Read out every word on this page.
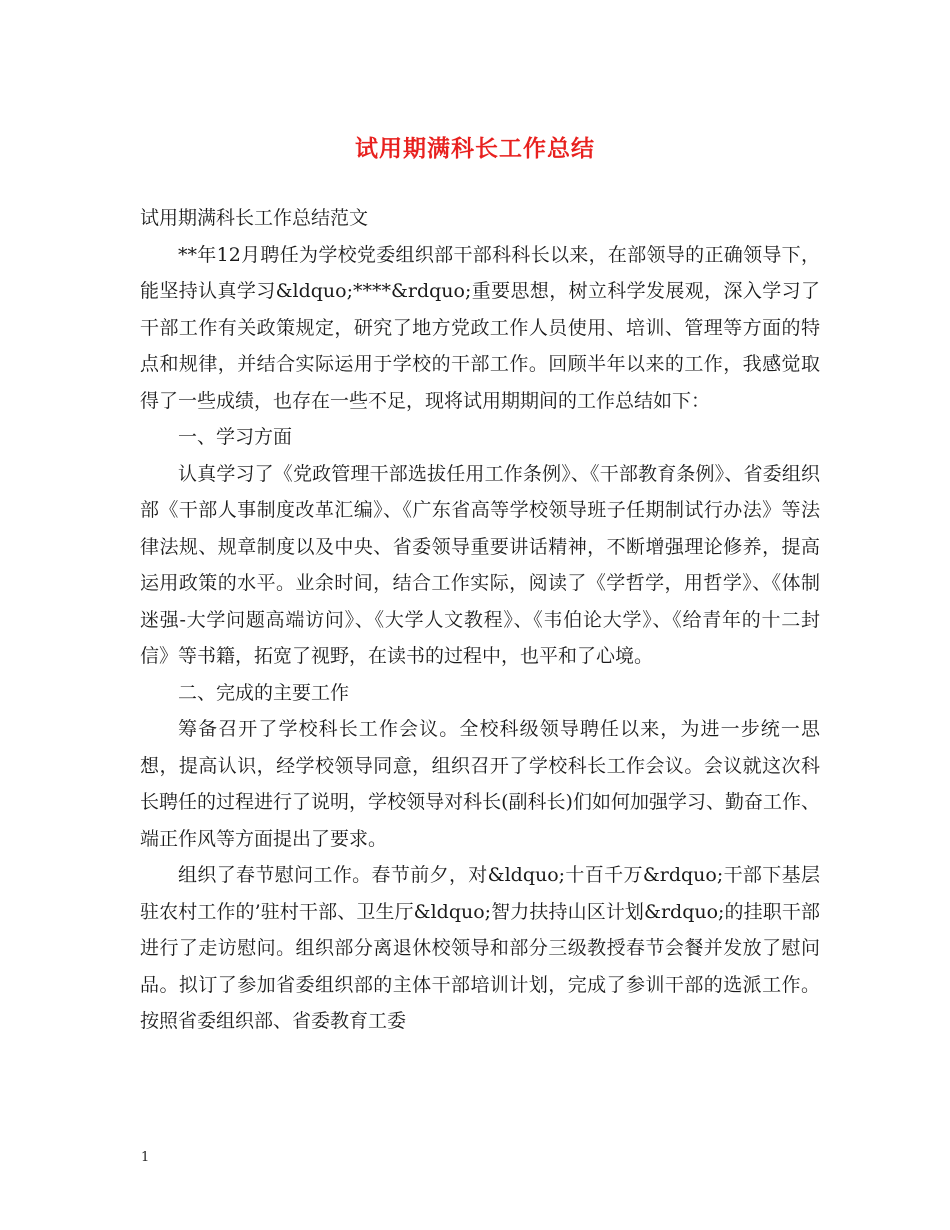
试用期满科长工作总结

试用期满科长工作总结范文

**年12月聘任为学校党委组织部干部科科长以来，在部领导的正确领导下，能坚持认真学习&ldquo;****&rdquo;重要思想，树立科学发展观，深入学习了干部工作有关政策规定，研究了地方党政工作人员使用、培训、管理等方面的特点和规律，并结合实际运用于学校的干部工作。回顾半年以来的工作，我感觉取得了一些成绩，也存在一些不足，现将试用期期间的工作总结如下：

一、学习方面

认真学习了《党政管理干部选拔任用工作条例》、《干部教育条例》、省委组织部《干部人事制度改革汇编》、《广东省高等学校领导班子任期制试行办法》等法律法规、规章制度以及中央、省委领导重要讲话精神，不断增强理论修养，提高运用政策的水平。业余时间，结合工作实际，阅读了《学哲学，用哲学》、《体制迷强-大学问题高端访问》、《大学人文教程》、《韦伯论大学》、《给青年的十二封信》等书籍，拓宽了视野，在读书的过程中，也平和了心境。

二、完成的主要工作

筹备召开了学校科长工作会议。全校科级领导聘任以来，为进一步统一思想，提高认识，经学校领导同意，组织召开了学校科长工作会议。会议就这次科长聘任的过程进行了说明，学校领导对科长(副科长)们如何加强学习、勤奋工作、端正作风等方面提出了要求。

组织了春节慰问工作。春节前夕，对&ldquo;十百千万&rdquo;干部下基层驻农村工作的’驻村干部、卫生厅&ldquo;智力扶持山区计划&rdquo;的挂职干部进行了走访慰问。组织部分离退休校领导和部分三级教授春节会餐并发放了慰问品。拟订了参加省委组织部的主体干部培训计划，完成了参训干部的选派工作。按照省委组织部、省委教育工委

1
